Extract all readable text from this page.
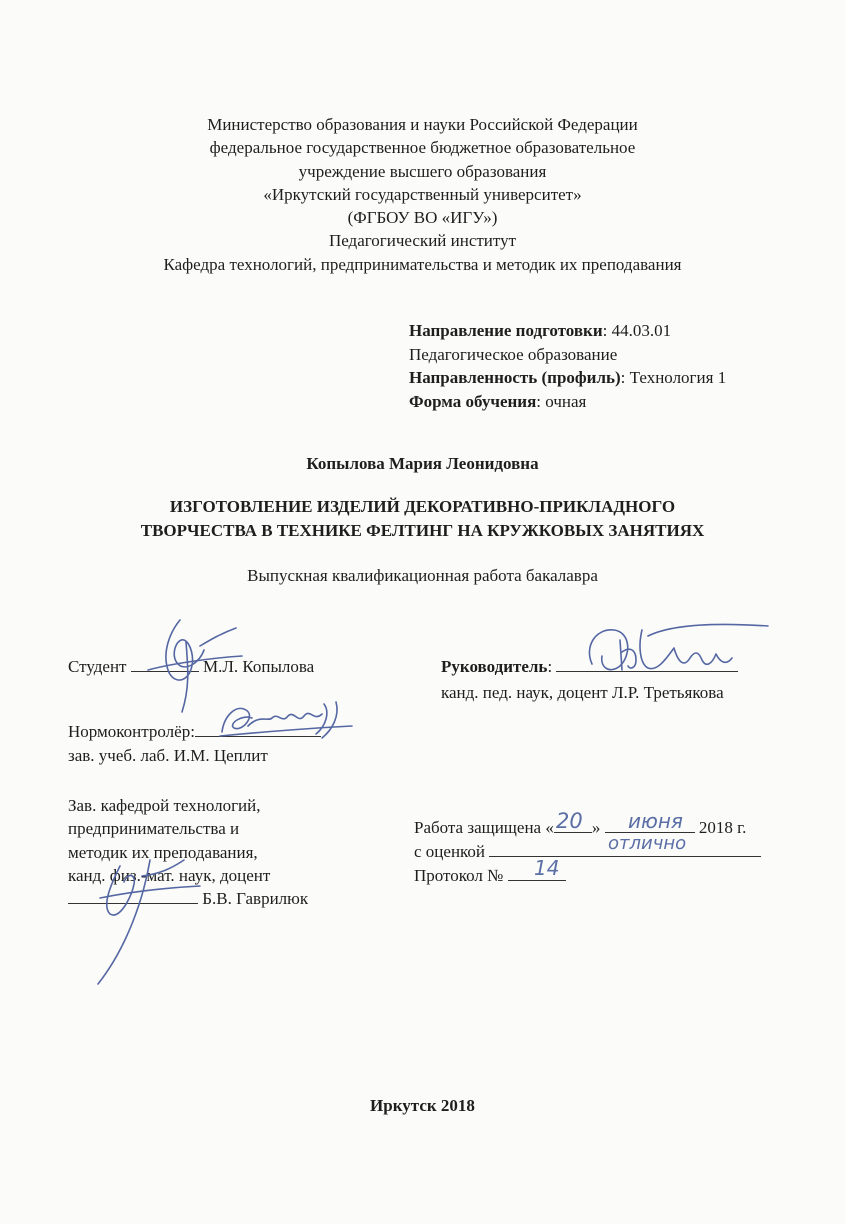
Министерство образования и науки Российской Федерации
федеральное государственное бюджетное образовательное
учреждение высшего образования
«Иркутский государственный университет»
(ФГБОУ ВО «ИГУ»)
Педагогический институт
Кафедра технологий, предпринимательства и методик их преподавания
Направление подготовки: 44.03.01
Педагогическое образование
Направленность (профиль): Технология 1
Форма обучения: очная
Копылова Мария Леонидовна
ИЗГОТОВЛЕНИЕ ИЗДЕЛИЙ ДЕКОРАТИВНО-ПРИКЛАДНОГО
ТВОРЧЕСТВА В ТЕХНИКЕ ФЕЛТИНГ НА КРУЖКОВЫХ ЗАНЯТИЯХ
Выпускная квалификационная работа бакалавра
Студент	М.Л. Копылова	Руководитель:
канд. пед. наук, доцент Л.Р. Третьякова
Нормоконтролёр:
зав. учеб. лаб. И.М. Цеплит
Зав. кафедрой технологий,
предпринимательства и
методик их преподавания,
канд. физ.-мат. наук, доцент
Б.В. Гаврилюк
Работа защищена « »	2018 г.
20 июня
с оценкой	отлично
Протокол №	14
Иркутск 2018
